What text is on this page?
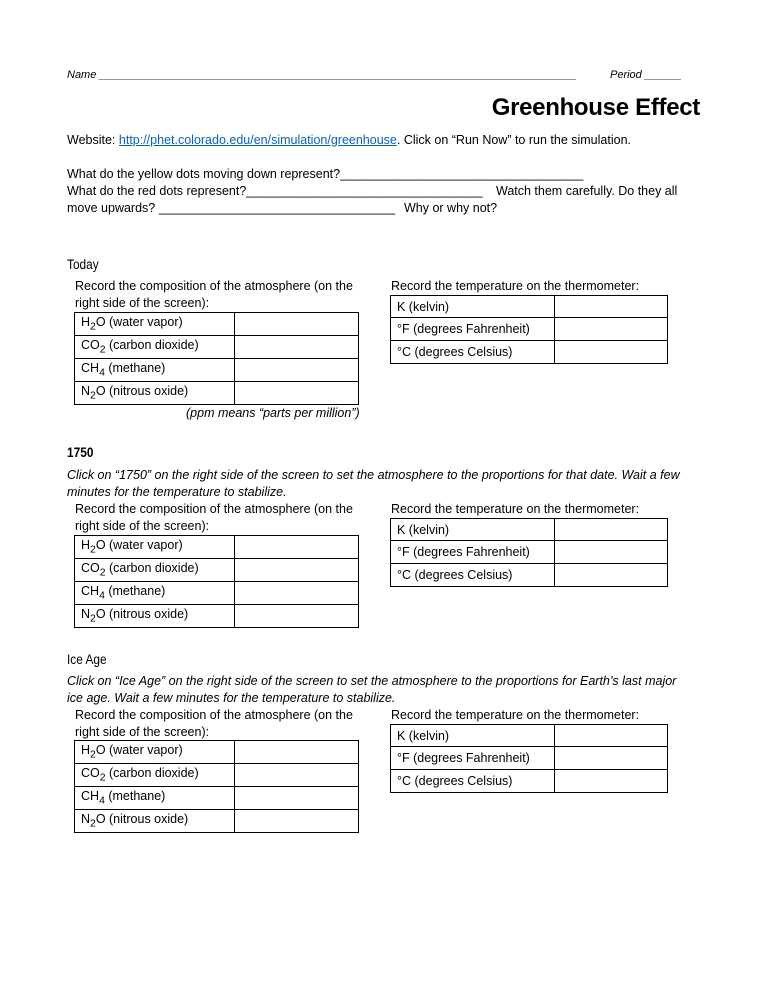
Name ______________________________________________________________________________	Period ______
Greenhouse Effect
Website: http://phet.colorado.edu/en/simulation/greenhouse. Click on “Run Now” to run the simulation.
What do the yellow dots moving down represent?___________________________________
What do the red dots represent?__________________________________ Watch them carefully. Do they all
move upwards? __________________________________ Why or why not?
Today
Record the composition of the atmosphere (on the
right side of the screen):
Record the temperature on the thermometer:
$H_2O$ (water vapor)	
$CO_2$ (carbon dioxide)	
$CH_4$ (methane)	
$N_2O$ (nitrous oxide)	
K (kelvin)	
°F (degrees Fahrenheit)	
°C (degrees Celsius)	
(ppm means “parts per million”)
1750
Click on “1750” on the right side of the screen to set the atmosphere to the proportions for that date. Wait a few
minutes for the temperature to stabilize.
Record the composition of the atmosphere (on the
right side of the screen):
Record the temperature on the thermometer:
$H_2O$ (water vapor)	
$CO_2$ (carbon dioxide)	
$CH_4$ (methane)	
$N_2O$ (nitrous oxide)	
K (kelvin)	
°F (degrees Fahrenheit)	
°C (degrees Celsius)	
Ice Age
Click on “Ice Age” on the right side of the screen to set the atmosphere to the proportions for Earth’s last major
ice age. Wait a few minutes for the temperature to stabilize.
Record the composition of the atmosphere (on the
right side of the screen):
Record the temperature on the thermometer:
$H_2O$ (water vapor)	
$CO_2$ (carbon dioxide)	
$CH_4$ (methane)	
$N_2O$ (nitrous oxide)	
K (kelvin)	
°F (degrees Fahrenheit)	
°C (degrees Celsius)	
